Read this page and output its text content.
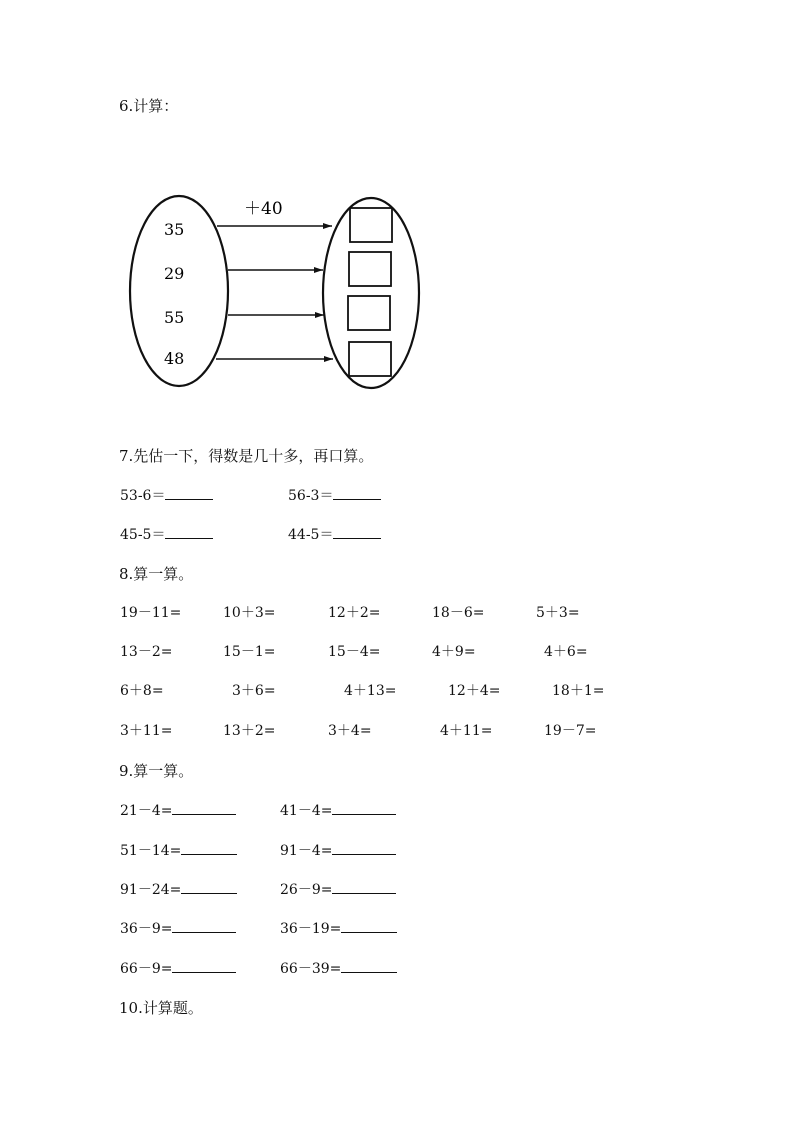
6.计算：
＋40
35
29
55
48
7.先估一下，得数是几十多，再口算。
53-6＝	56-3＝
45-5＝	44-5＝
8.算一算。
19－11=	10＋3=	12＋2=	18－6=	5＋3=
13－2=	15－1=	15－4=	4＋9=	4＋6=
6＋8=	3＋6=	4＋13=	12＋4=	18＋1=
3＋11=	13＋2=	3＋4=	4＋11=	19－7=
9.算一算。
21－4=	41－4=
51－14=	91－4=
91－24=	26－9=
36－9=	36－19=
66－9=	66－39=
10.计算题。
